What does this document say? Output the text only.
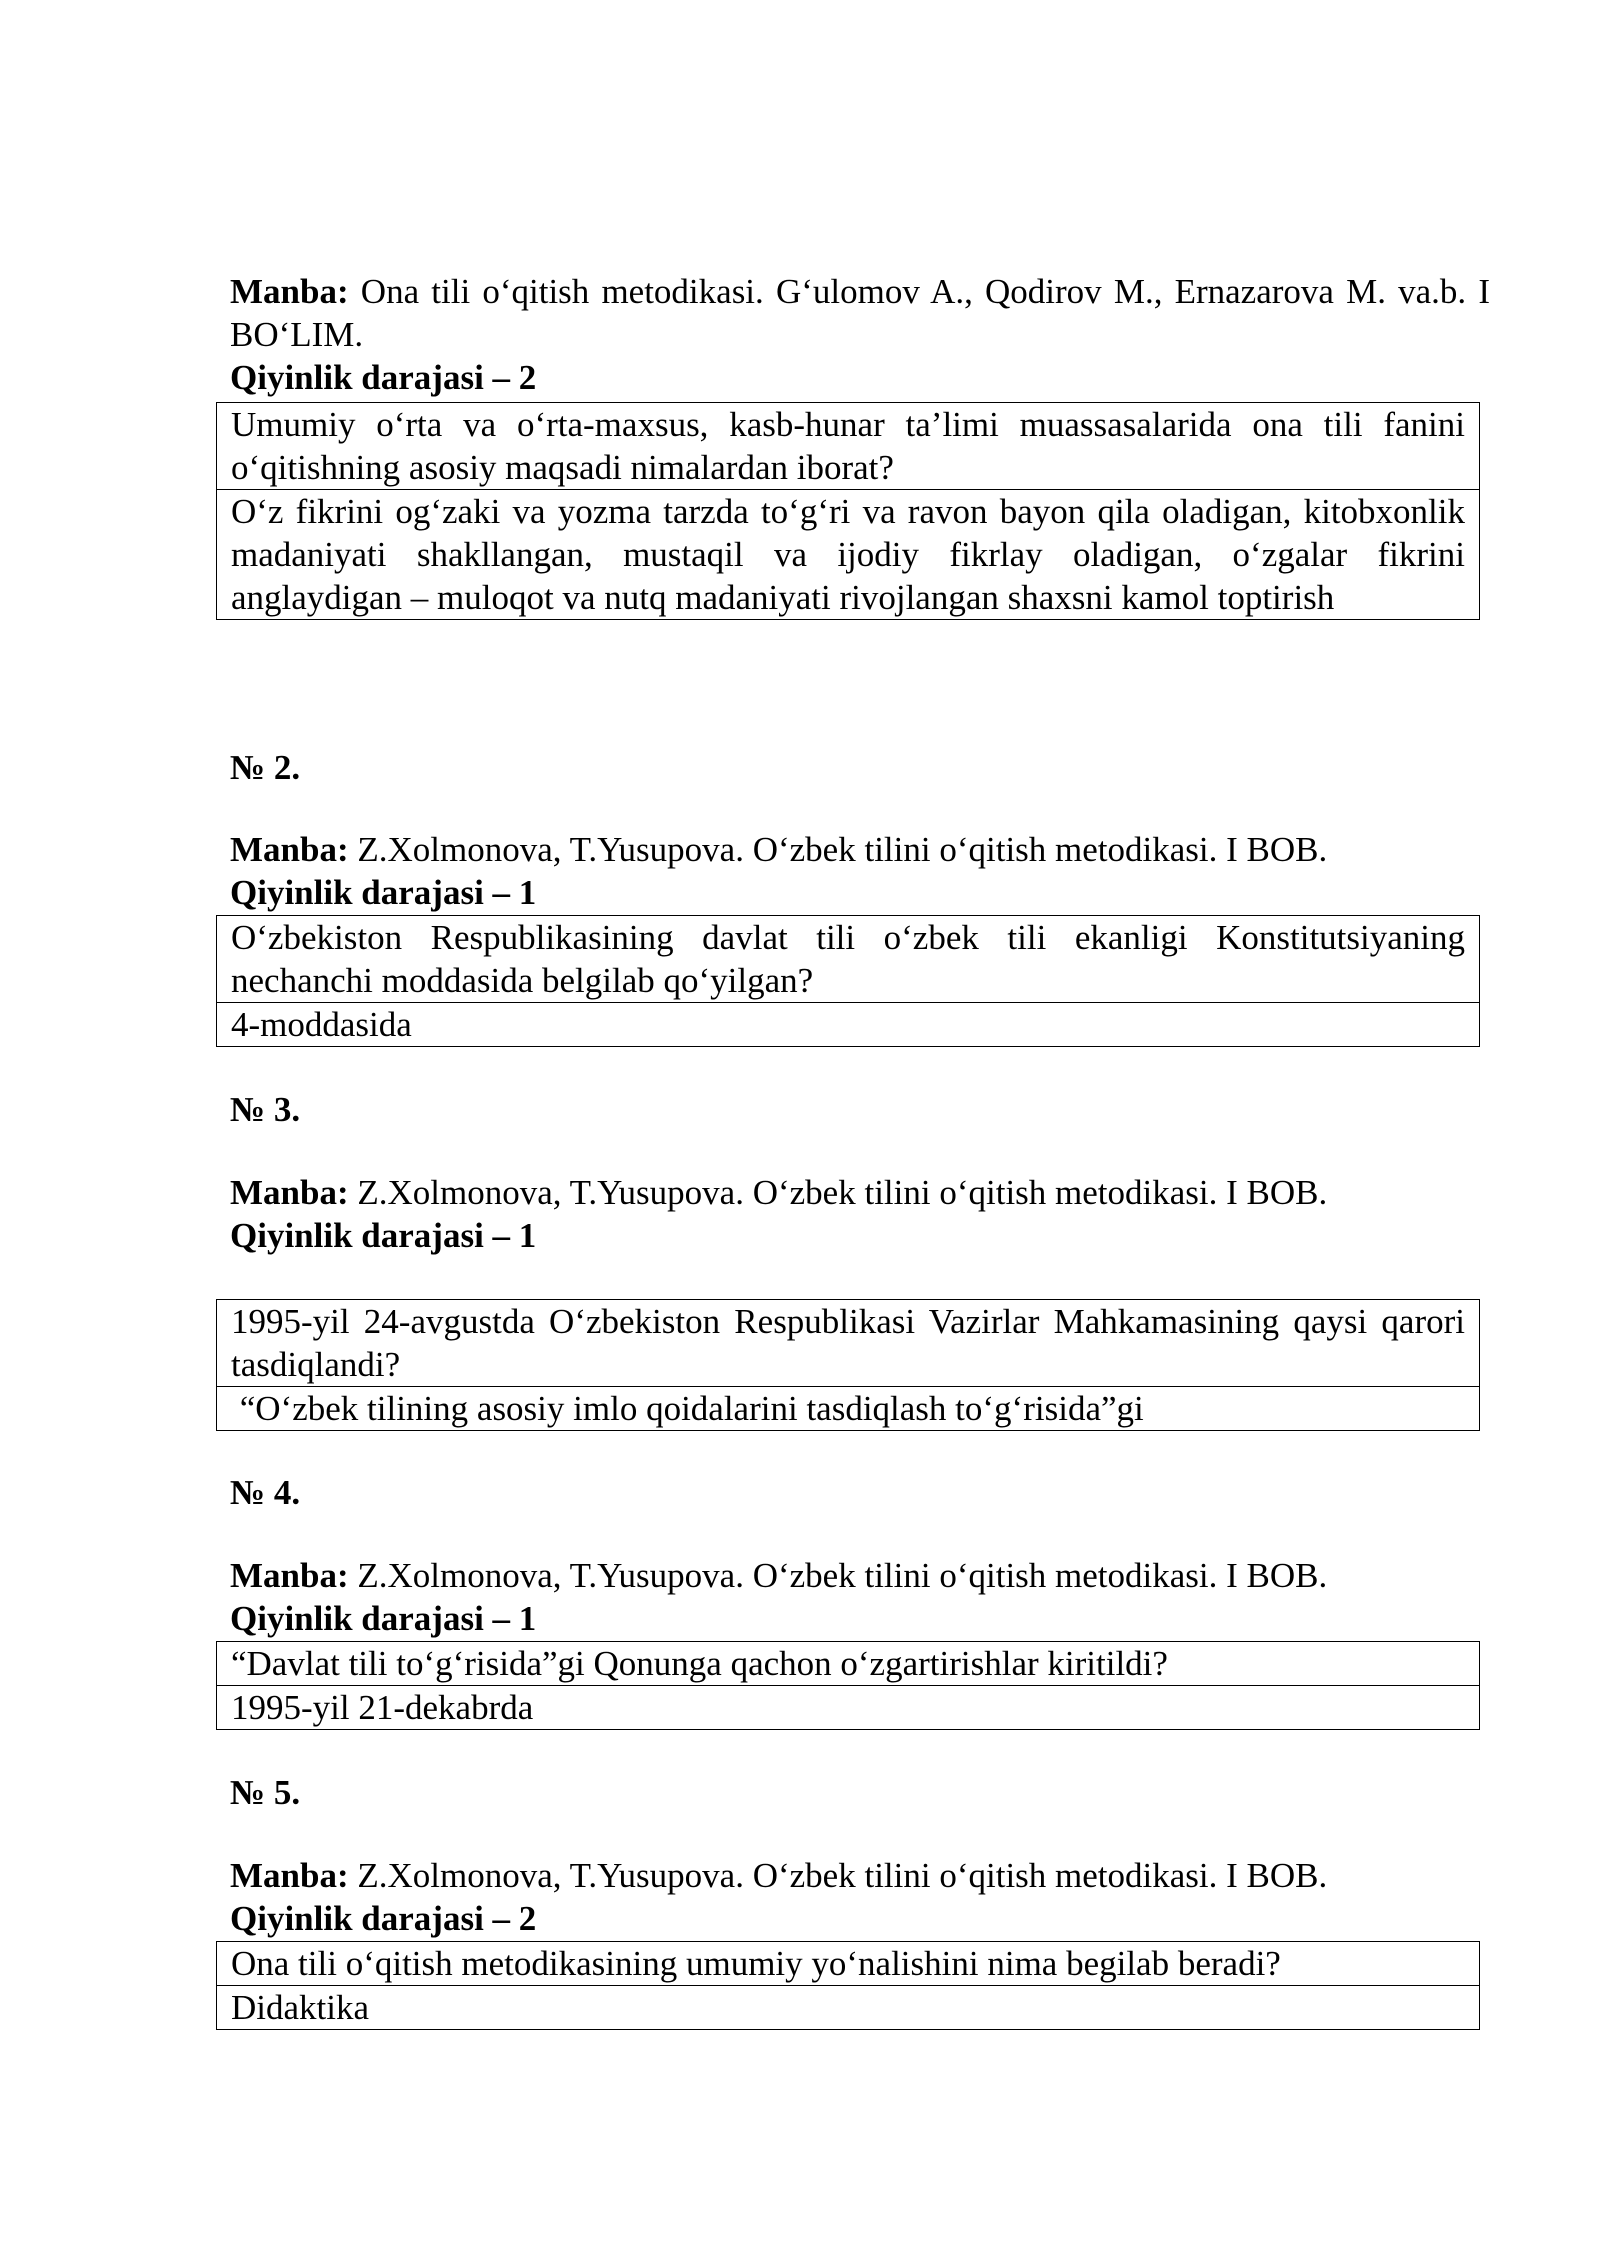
Manba: Ona tili o‘qitish metodikasi. G‘ulomov A., Qodirov M., Ernazarova M. va.b. I BO‘LIM.

Qiyinlik darajasi – 2

Umumiy o‘rta va o‘rta-maxsus, kasb-hunar ta’limi muassasalarida ona tili fanini o‘qitishning asosiy maqsadi nimalardan iborat?
O‘z fikrini og‘zaki va yozma tarzda to‘g‘ri va ravon bayon qila oladigan, kitobxonlik madaniyati shakllangan, mustaqil va ijodiy fikrlay oladigan, o‘zgalar fikrini anglaydigan – muloqot va nutq madaniyati rivojlangan shaxsni kamol toptirish

№ 2.

Manba: Z.Xolmonova, T.Yusupova. O‘zbek tilini o‘qitish metodikasi. I BOB.

Qiyinlik darajasi – 1

O‘zbekiston Respublikasining davlat tili o‘zbek tili ekanligi Konstitutsiyaning nechanchi moddasida belgilab qo‘yilgan?
4-moddasida

№ 3.

Manba: Z.Xolmonova, T.Yusupova. O‘zbek tilini o‘qitish metodikasi. I BOB.

Qiyinlik darajasi – 1

1995-yil 24-avgustda O‘zbekiston Respublikasi Vazirlar Mahkamasining qaysi qarori tasdiqlandi?
“O‘zbek tilining asosiy imlo qoidalarini tasdiqlash to‘g‘risida”gi

№ 4.

Manba: Z.Xolmonova, T.Yusupova. O‘zbek tilini o‘qitish metodikasi. I BOB.

Qiyinlik darajasi – 1

“Davlat tili to‘g‘risida”gi Qonunga qachon o‘zgartirishlar kiritildi?
1995-yil 21-dekabrda

№ 5.

Manba: Z.Xolmonova, T.Yusupova. O‘zbek tilini o‘qitish metodikasi. I BOB.

Qiyinlik darajasi – 2

Ona tili o‘qitish metodikasining umumiy yo‘nalishini nima begilab beradi?
Didaktika
